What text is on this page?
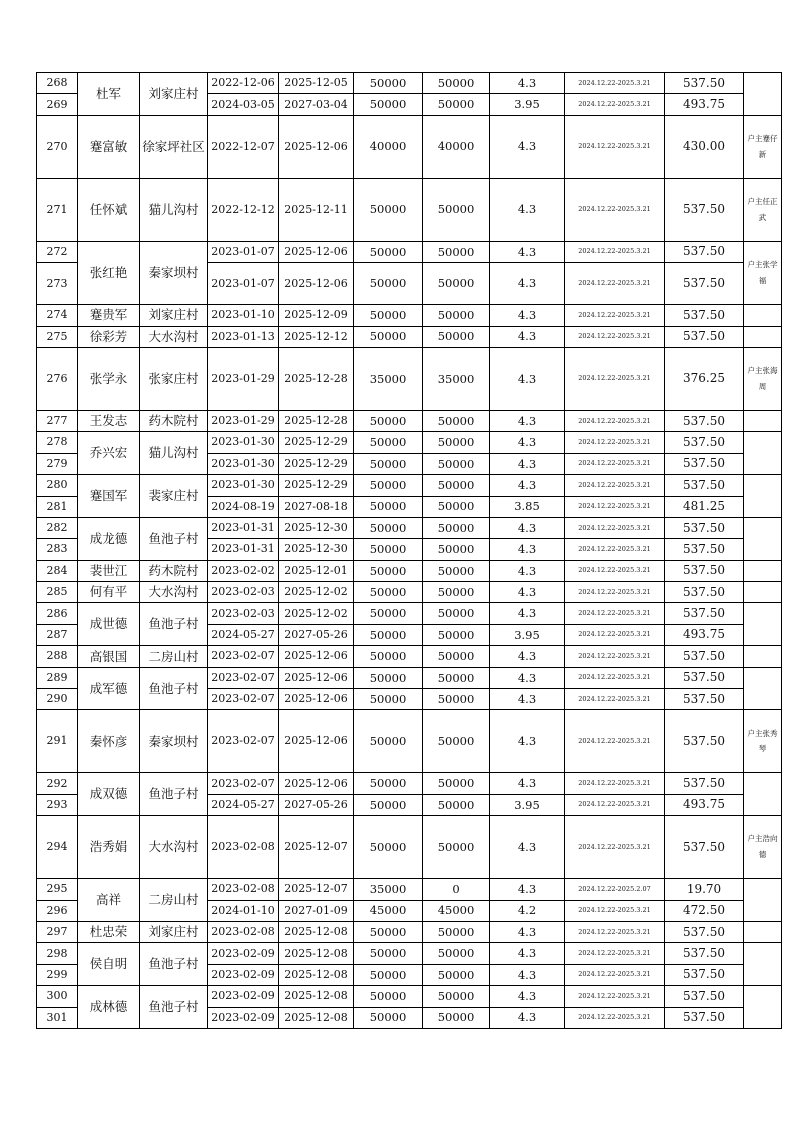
268	杜军	刘家庄村	2022-12-06	2025-12-05	50000	50000	4.3	2024.12.22-2025.3.21	537.50	

269			2024-03-05	2027-03-04	50000	50000	3.95	2024.12.22-2025.3.21	493.75	
270	蹇富敏	徐家坪社区	2022-12-07	2025-12-06	40000	40000	4.3	2024.12.22-2025.3.21	430.00	户主蹇仔新

271	任怀斌	猫儿沟村	2022-12-12	2025-12-11	50000	50000	4.3	2024.12.22-2025.3.21	537.50	户主任正武

272	张红艳	秦家坝村	2023-01-07	2025-12-06	50000	50000	4.3	2024.12.22-2025.3.21	537.50	户主张学福

273			2023-01-07	2025-12-06	50000	50000	4.3	2024.12.22-2025.3.21	537.50	
274	蹇贵军	刘家庄村	2023-01-10	2025-12-09	50000	50000	4.3	2024.12.22-2025.3.21	537.50	

275	徐彩芳	大水沟村	2023-01-13	2025-12-12	50000	50000	4.3	2024.12.22-2025.3.21	537.50	

276	张学永	张家庄村	2023-01-29	2025-12-28	35000	35000	4.3	2024.12.22-2025.3.21	376.25	户主张海周

277	王发志	药木院村	2023-01-29	2025-12-28	50000	50000	4.3	2024.12.22-2025.3.21	537.50	

278	乔兴宏	猫儿沟村	2023-01-30	2025-12-29	50000	50000	4.3	2024.12.22-2025.3.21	537.50	

279			2023-01-30	2025-12-29	50000	50000	4.3	2024.12.22-2025.3.21	537.50	
280	蹇国军	裴家庄村	2023-01-30	2025-12-29	50000	50000	4.3	2024.12.22-2025.3.21	537.50	

281			2024-08-19	2027-08-18	50000	50000	3.85	2024.12.22-2025.3.21	481.25	
282	成龙德	鱼池子村	2023-01-31	2025-12-30	50000	50000	4.3	2024.12.22-2025.3.21	537.50	

283			2023-01-31	2025-12-30	50000	50000	4.3	2024.12.22-2025.3.21	537.50	
284	裴世江	药木院村	2023-02-02	2025-12-01	50000	50000	4.3	2024.12.22-2025.3.21	537.50	

285	何有平	大水沟村	2023-02-03	2025-12-02	50000	50000	4.3	2024.12.22-2025.3.21	537.50	

286	成世德	鱼池子村	2023-02-03	2025-12-02	50000	50000	4.3	2024.12.22-2025.3.21	537.50	

287			2024-05-27	2027-05-26	50000	50000	3.95	2024.12.22-2025.3.21	493.75	
288	高银国	二房山村	2023-02-07	2025-12-06	50000	50000	4.3	2024.12.22-2025.3.21	537.50	

289	成军德	鱼池子村	2023-02-07	2025-12-06	50000	50000	4.3	2024.12.22-2025.3.21	537.50	

290			2023-02-07	2025-12-06	50000	50000	4.3	2024.12.22-2025.3.21	537.50	
291	秦怀彦	秦家坝村	2023-02-07	2025-12-06	50000	50000	4.3	2024.12.22-2025.3.21	537.50	户主张秀琴

292	成双德	鱼池子村	2023-02-07	2025-12-06	50000	50000	4.3	2024.12.22-2025.3.21	537.50	

293			2024-05-27	2027-05-26	50000	50000	3.95	2024.12.22-2025.3.21	493.75	
294	浩秀娟	大水沟村	2023-02-08	2025-12-07	50000	50000	4.3	2024.12.22-2025.3.21	537.50	户主浩向德

295	高祥	二房山村	2023-02-08	2025-12-07	35000	0	4.3	2024.12.22-2025.2.07	19.70	

296			2024-01-10	2027-01-09	45000	45000	4.2	2024.12.22-2025.3.21	472.50	
297	杜忠荣	刘家庄村	2023-02-08	2025-12-08	50000	50000	4.3	2024.12.22-2025.3.21	537.50	

298	侯自明	鱼池子村	2023-02-09	2025-12-08	50000	50000	4.3	2024.12.22-2025.3.21	537.50	

299			2023-02-09	2025-12-08	50000	50000	4.3	2024.12.22-2025.3.21	537.50	
300	成林德	鱼池子村	2023-02-09	2025-12-08	50000	50000	4.3	2024.12.22-2025.3.21	537.50	

301			2023-02-09	2025-12-08	50000	50000	4.3	2024.12.22-2025.3.21	537.50	
